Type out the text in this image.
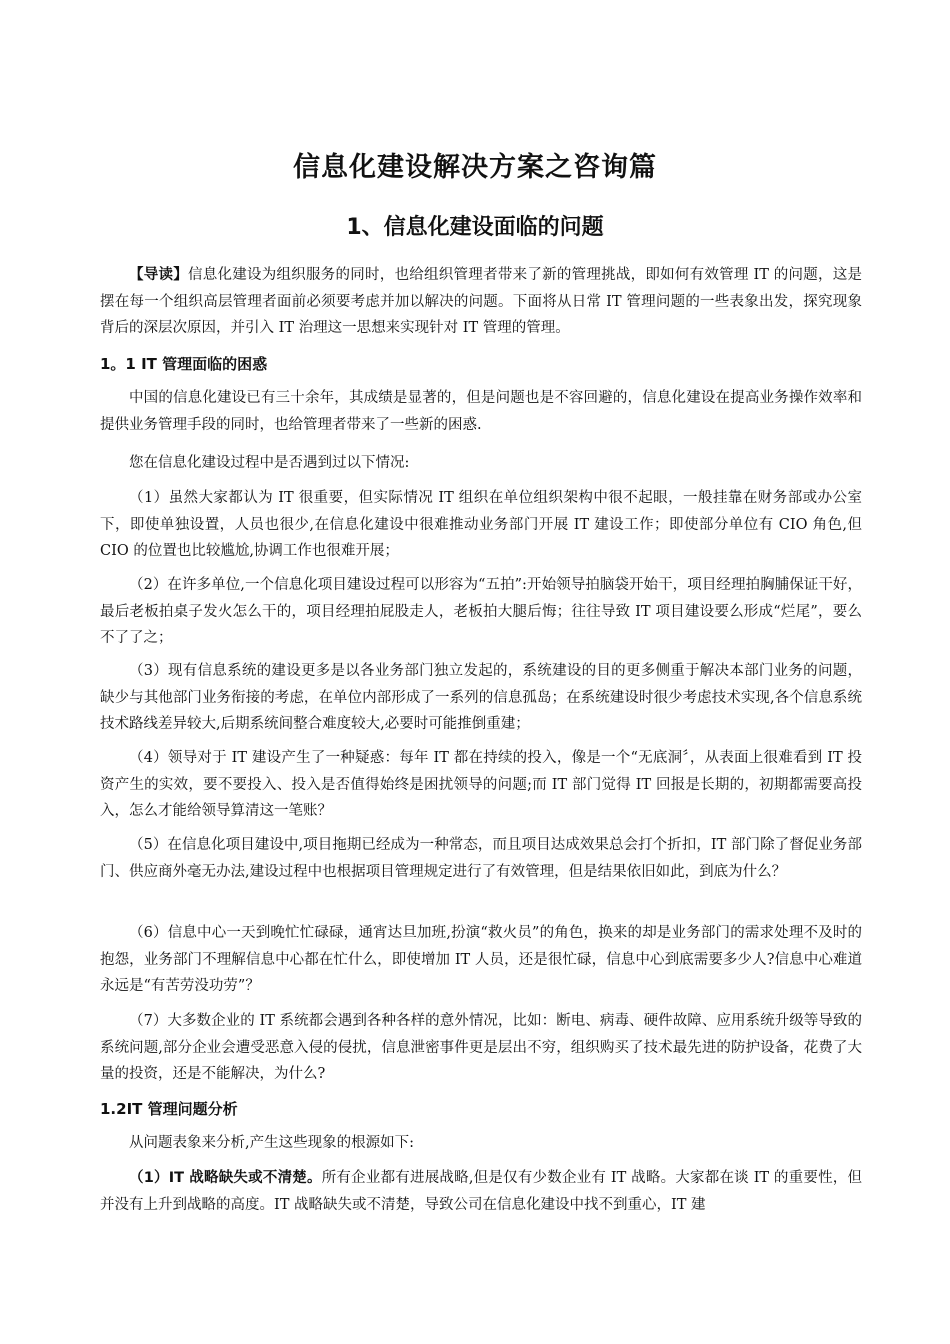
信息化建设解决方案之咨询篇
1、信息化建设面临的问题

【导读】信息化建设为组织服务的同时，也给组织管理者带来了新的管理挑战，即如何有效管理 IT 的问题，这是摆在每一个组织高层管理者面前必须要考虑并加以解决的问题。下面将从日常 IT 管理问题的一些表象出发，探究现象背后的深层次原因，并引入 IT 治理这一思想来实现针对 IT 管理的管理。

1。1 IT 管理面临的困惑

中国的信息化建设已有三十余年，其成绩是显著的，但是问题也是不容回避的，信息化建设在提高业务操作效率和提供业务管理手段的同时，也给管理者带来了一些新的困惑.

您在信息化建设过程中是否遇到过以下情况:

（1）虽然大家都认为 IT 很重要，但实际情况 IT 组织在单位组织架构中很不起眼，一般挂靠在财务部或办公室下，即使单独设置，人员也很少,在信息化建设中很难推动业务部门开展 IT 建设工作；即使部分单位有 CIO 角色,但 CIO 的位置也比较尴尬,协调工作也很难开展；

（2）在许多单位,一个信息化项目建设过程可以形容为“五拍”:开始领导拍脑袋开始干，项目经理拍胸脯保证干好，最后老板拍桌子发火怎么干的，项目经理拍屁股走人，老板拍大腿后悔；往往导致 IT 项目建设要么形成“烂尾”，要么不了了之；

（3）现有信息系统的建设更多是以各业务部门独立发起的，系统建设的目的更多侧重于解决本部门业务的问题，缺少与其他部门业务衔接的考虑，在单位内部形成了一系列的信息孤岛；在系统建设时很少考虑技术实现,各个信息系统技术路线差异较大,后期系统间整合难度较大,必要时可能推倒重建；

（4）领导对于 IT 建设产生了一种疑惑：每年 IT 都在持续的投入，像是一个“无底洞〞，从表面上很难看到 IT 投资产生的实效，要不要投入、投入是否值得始终是困扰领导的问题;而 IT 部门觉得 IT 回报是长期的，初期都需要高投入，怎么才能给领导算清这一笔账？

（5）在信息化项目建设中,项目拖期已经成为一种常态，而且项目达成效果总会打个折扣，IT 部门除了督促业务部门、供应商外毫无办法,建设过程中也根据项目管理规定进行了有效管理，但是结果依旧如此，到底为什么？

（6）信息中心一天到晚忙忙碌碌，通宵达旦加班,扮演“救火员”的角色，换来的却是业务部门的需求处理不及时的抱怨，业务部门不理解信息中心都在忙什么，即使增加 IT 人员，还是很忙碌，信息中心到底需要多少人?信息中心难道永远是“有苦劳没功劳”？

（7）大多数企业的 IT 系统都会遇到各种各样的意外情况，比如：断电、病毒、硬件故障、应用系统升级等导致的系统问题,部分企业会遭受恶意入侵的侵扰，信息泄密事件更是层出不穷，组织购买了技术最先进的防护设备，花费了大量的投资，还是不能解决，为什么?

1.2IT 管理问题分析

从问题表象来分析,产生这些现象的根源如下:

（1）IT 战略缺失或不清楚。所有企业都有进展战略,但是仅有少数企业有 IT 战略。大家都在谈 IT 的重要性，但并没有上升到战略的高度。IT 战略缺失或不清楚，导致公司在信息化建设中找不到重心，IT 建
